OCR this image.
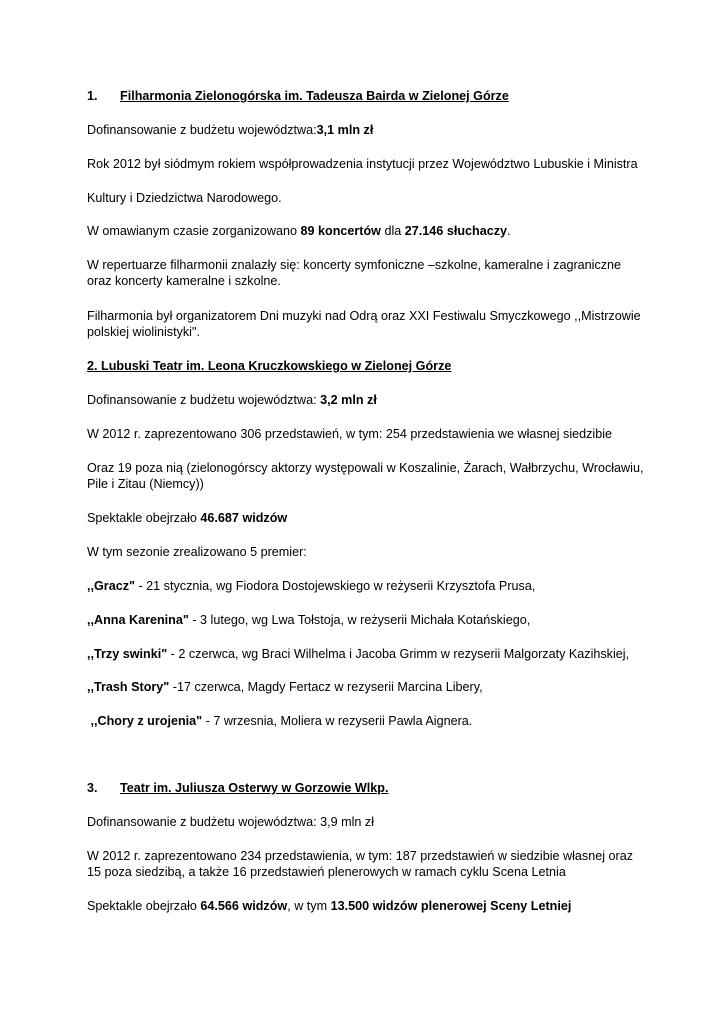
1. Filharmonia Zielonogórska im. Tadeusza Bairda w Zielonej Górze

Dofinansowanie z budżetu województwa:3,1 mln zł

Rok 2012 był siódmym rokiem współprowadzenia instytucji przez Województwo Lubuskie i Ministra

Kultury i Dziedzictwa Narodowego.

W omawianym czasie zorganizowano 89 koncertów dla 27.146 słuchaczy.

W repertuarze filharmonii znalazły się: koncerty symfoniczne –szkolne, kameralne i zagraniczne oraz koncerty kameralne i szkolne.

Filharmonia był organizatorem Dni muzyki nad Odrą oraz XXI Festiwalu Smyczkowego ,,Mistrzowie polskiej wiolinistyki".

2. Lubuski Teatr im. Leona Kruczkowskiego w Zielonej Górze

Dofinansowanie z budżetu województwa: 3,2 mln zł

W 2012 r. zaprezentowano 306 przedstawień, w tym: 254 przedstawienia we własnej siedzibie

Oraz 19 poza nią (zielonogórscy aktorzy występowali w Koszalinie, Żarach, Wałbrzychu, Wrocławiu, Pile i Zitau (Niemcy))

Spektakle obejrzało 46.687 widzów

W tym sezonie zrealizowano 5 premier:

,,Gracz" - 21 stycznia, wg Fiodora Dostojewskiego w reżyserii Krzysztofa Prusa,

,,Anna Karenina" - 3 lutego, wg Lwa Tołstoja, w reżyserii Michała Kotańskiego,

,,Trzy swinki" - 2 czerwca, wg Braci Wilhelma i Jacoba Grimm w rezyserii Malgorzaty Kazihskiej,

,,Trash Story" -17 czerwca, Magdy Fertacz w rezyserii Marcina Libery,

,,Chory z urojenia" - 7 wrzesnia, Moliera w rezyserii Pawla Aignera.

3. Teatr im. Juliusza Osterwy w Gorzowie Wlkp.

Dofinansowanie z budżetu województwa: 3,9 mln zł

W 2012 r. zaprezentowano 234 przedstawienia, w tym: 187 przedstawień w siedzibie własnej oraz 15 poza siedzibą, a także 16 przedstawień plenerowych w ramach cyklu Scena Letnia

Spektakle obejrzało 64.566 widzów, w tym 13.500 widzów plenerowej Sceny Letniej
